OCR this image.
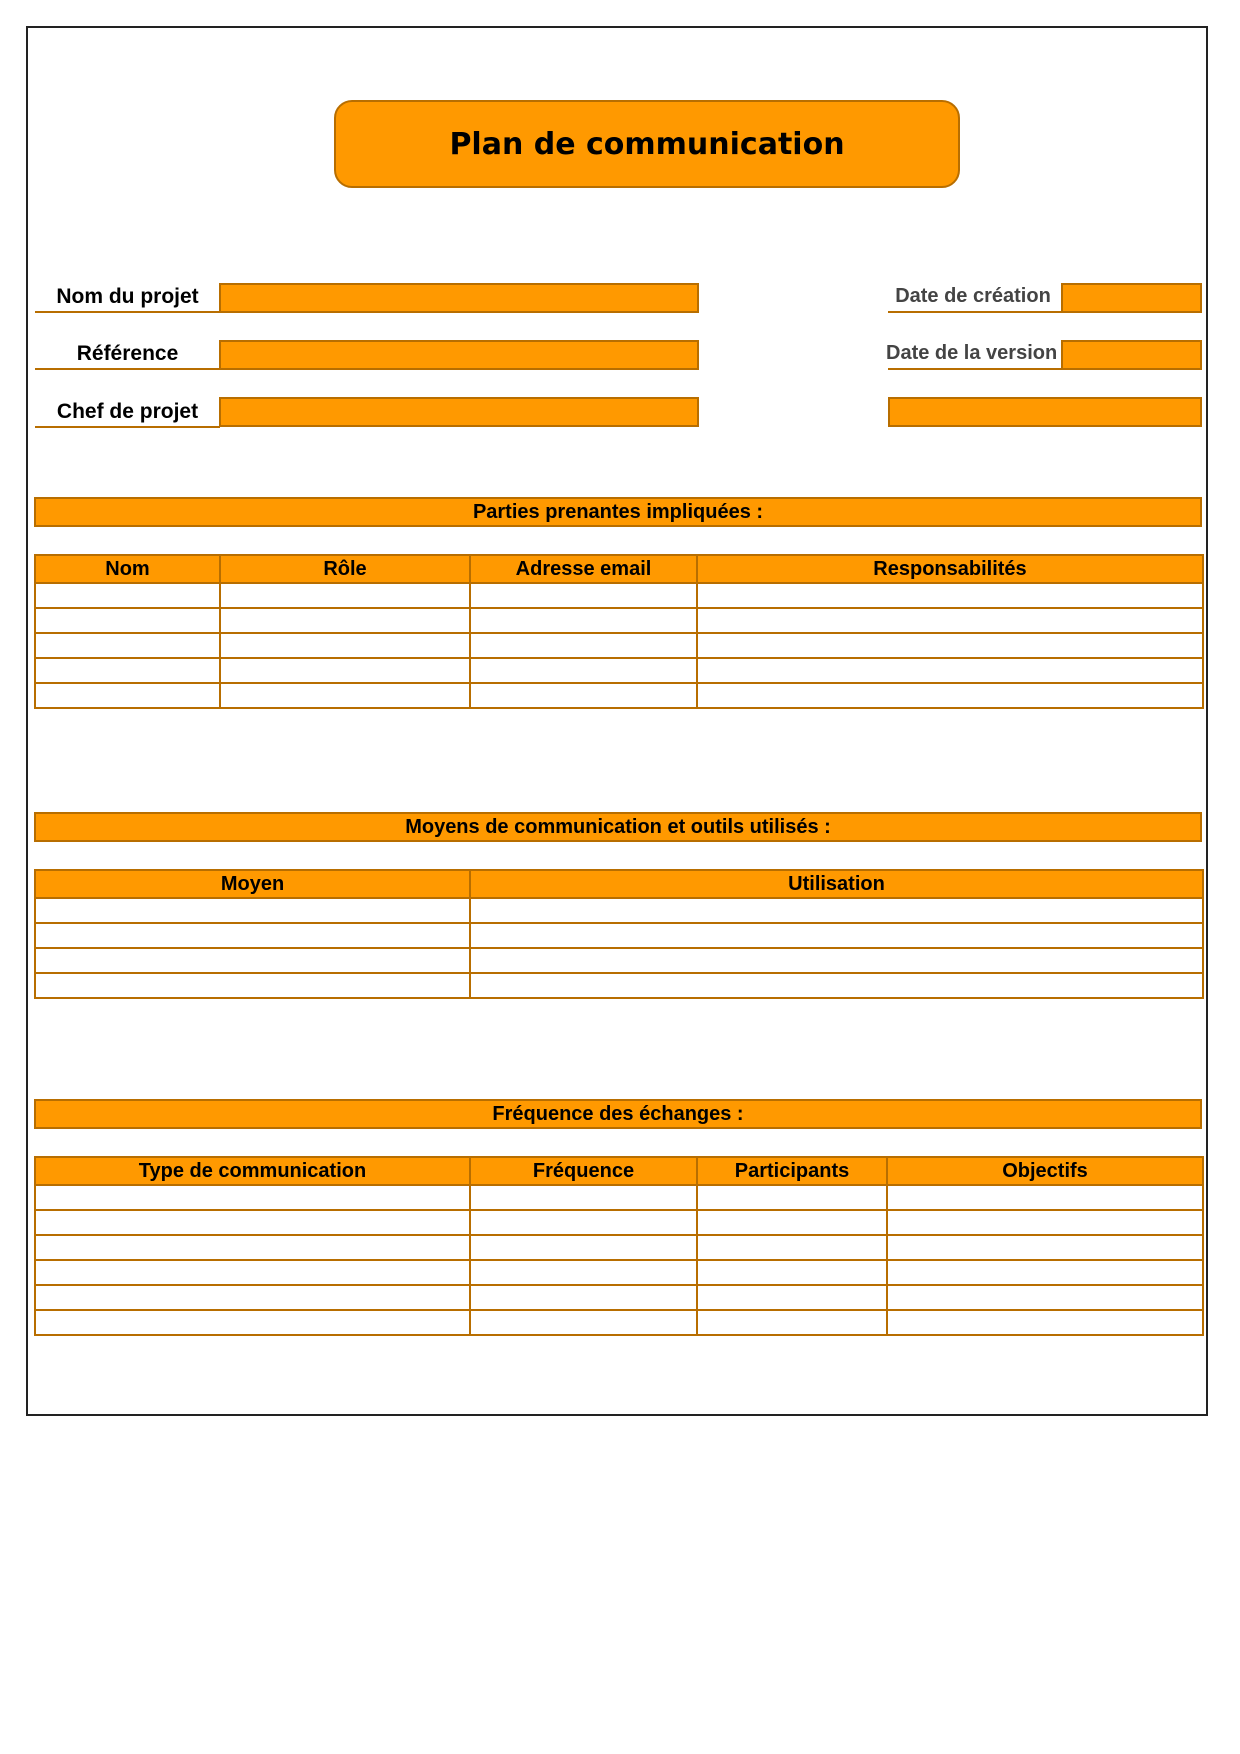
Plan de communication
Nom du projet
Référence
Chef de projet
Date de création
Date de la version
Parties prenantes impliquées :
Nom	Rôle	Adresse email	Responsabilités

Moyens de communication et outils utilisés :
Moyen	Utilisation

Fréquence des échanges :
Type de communication	Fréquence	Participants	Objectifs
